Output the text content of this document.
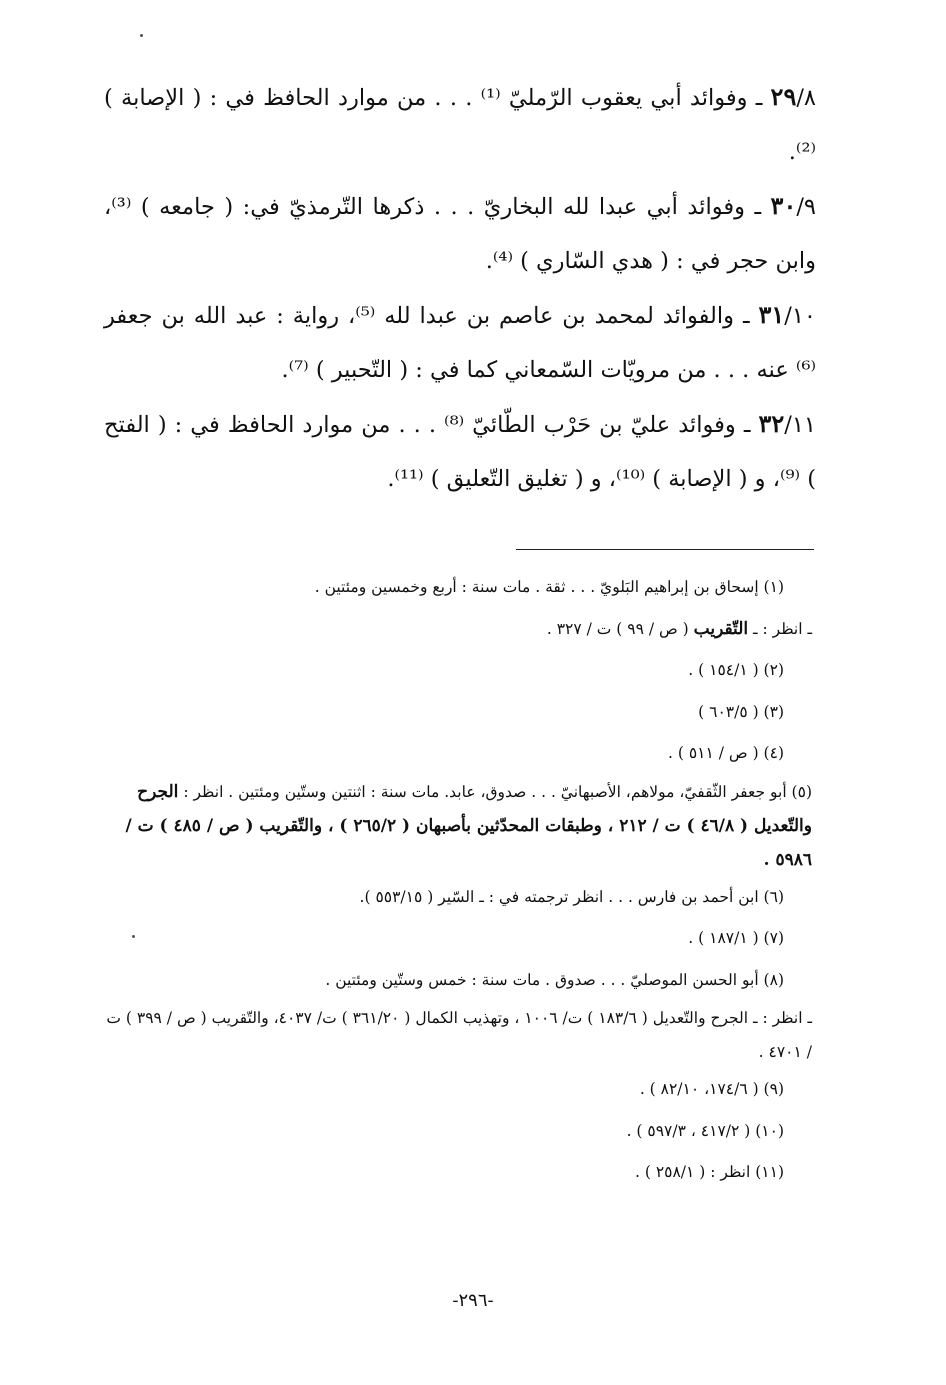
٢٩/٨ ـ وفوائد أبي يعقوب الرّمليّ ⁽¹⁾ . . . من موارد الحافظ في : ( الإصابة ) ⁽²⁾.

٣٠/٩ ـ وفوائد أبي عبدا لله البخاريّ . . . ذكرها التّرمذيّ في: ( جامعه ) ⁽³⁾، وابن حجر في : ( هدي السّاري ) ⁽⁴⁾.

٣١/١٠ ـ والفوائد لمحمد بن عاصم بن عبدا لله ⁽⁵⁾، رواية : عبد الله بن جعفر ⁽⁶⁾ عنه . . . من مرويّات السّمعاني كما في : ( التّحبير ) ⁽⁷⁾.

٣٢/١١ ـ وفوائد عليّ بن حَرْب الطّائيّ ⁽⁸⁾ . . . من موارد الحافظ في : ( الفتح ) ⁽⁹⁾، و ( الإصابة ) ⁽¹⁰⁾، و ( تغليق التّعليق ) ⁽¹¹⁾.

(١) إسحاق بن إبراهيم البَلويّ . . . ثقة . مات سنة : أربع وخمسين ومئتين .

ـ انظر : ـ التّقريب ( ص / ٩٩ ) ت / ٣٢٧ .

(٢) ( ١٥٤/١ ) .

(٣) ( ٦٠٣/٥ )

(٤) ( ص / ٥١١ ) .

(٥) أبو جعفر الثّقفيّ، مولاهم، الأصبهانيّ . . . صدوق، عابد. مات سنة : اثنتين وستّين ومئتين . انظر : الجرح والتّعديل ( ٤٦/٨ ) ت / ٢١٢ ، وطبقات المحدّثين بأصبهان ( ٢٦٥/٢ ) ، والتّقريب ( ص / ٤٨٥ ) ت / ٥٩٨٦ .

(٦) ابن أحمد بن فارس . . . انظر ترجمته في : ـ السّير ( ٥٥٣/١٥ ).

(٧) ( ١٨٧/١ ) .

(٨) أبو الحسن الموصليّ . . . صدوق . مات سنة : خمس وستّين ومئتين .

ـ انظر : ـ الجرح والتّعديل ( ١٨٣/٦ ) ت/ ١٠٠٦ ، وتهذيب الكمال ( ٣٦١/٢٠ ) ت/ ٤٠٣٧، والتّقريب ( ص / ٣٩٩ ) ت / ٤٧٠١ .

(٩) ( ١٧٤/٦، ٨٢/١٠ ) .

(١٠) ( ٤١٧/٢ ، ٥٩٧/٣ ) .

(١١) انظر : ( ٢٥٨/١ ) .

-٢٩٦-
